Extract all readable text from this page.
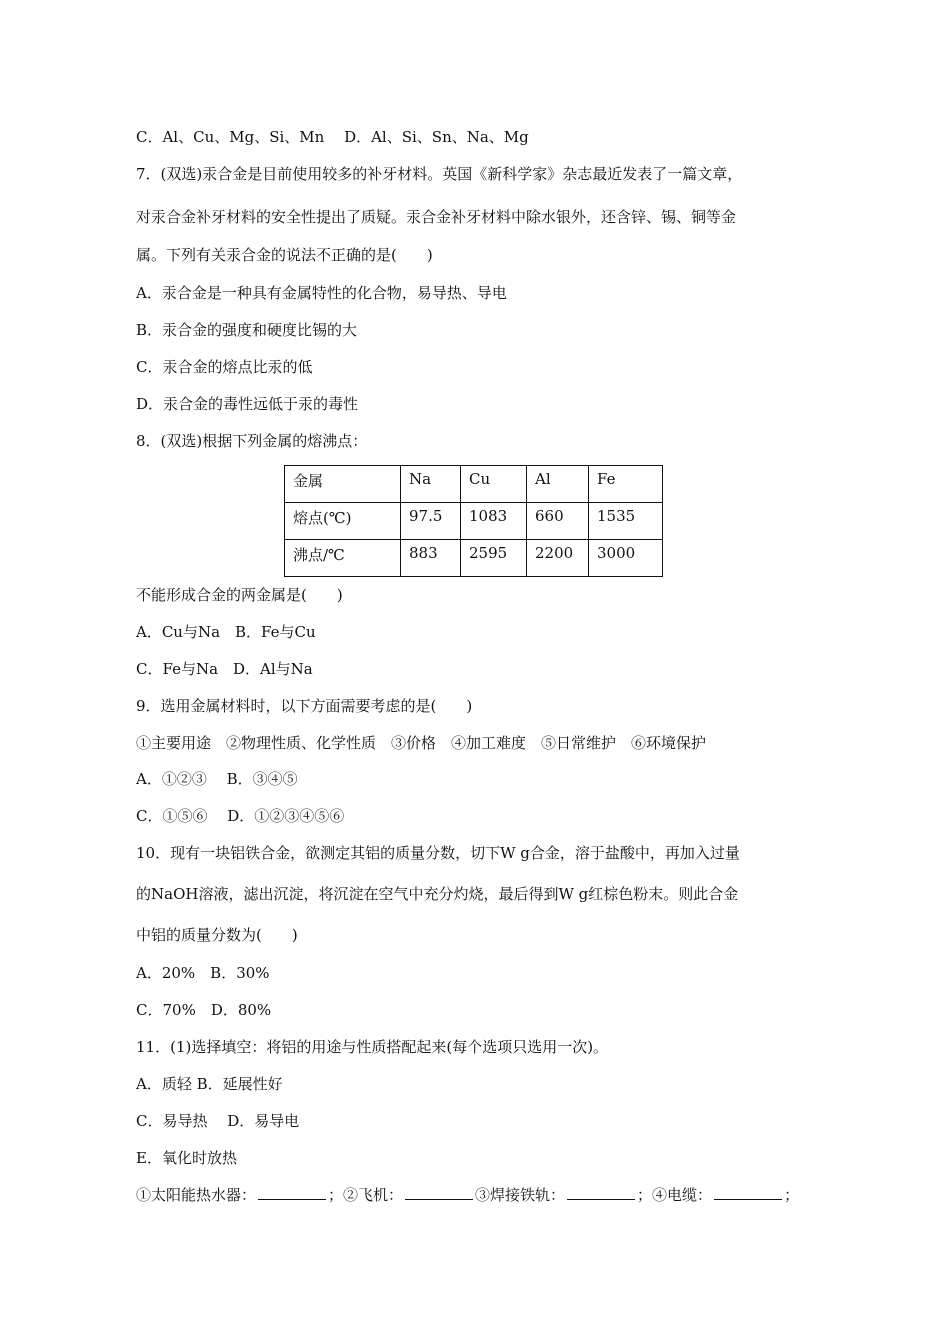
C．Al、Cu、Mg、Si、Mn　 D．Al、Si、Sn、Na、Mg
7．(双选)汞合金是目前使用较多的补牙材料。英国《新科学家》杂志最近发表了一篇文章，
对汞合金补牙材料的安全性提出了质疑。汞合金补牙材料中除水银外，还含锌、锡、铜等金
属。下列有关汞合金的说法不正确的是(　　)
A．汞合金是一种具有金属特性的化合物，易导热、导电
B．汞合金的强度和硬度比锡的大
C．汞合金的熔点比汞的低
D．汞合金的毒性远低于汞的毒性
8．(双选)根据下列金属的熔沸点：
金属	Na	Cu	Al	Fe
熔点(℃)	97.5	1083	660	1535
沸点/℃	883	2595	2200	3000
不能形成合金的两金属是(　　)
A．Cu与Na　B．Fe与Cu
C．Fe与Na　D．Al与Na
9．选用金属材料时，以下方面需要考虑的是(　　)
①主要用途　②物理性质、化学性质　③价格　④加工难度　⑤日常维护　⑥环境保护
A．①②③　 B．③④⑤
C．①⑤⑥　 D．①②③④⑤⑥
10．现有一块铝铁合金，欲测定其铝的质量分数，切下W g合金，溶于盐酸中，再加入过量
的NaOH溶液，滤出沉淀，将沉淀在空气中充分灼烧，最后得到W g红棕色粉末。则此合金
中铝的质量分数为(　　)
A．20%　B．30%
C．70%　D．80%
11．(1)选择填空：将铝的用途与性质搭配起来(每个选项只选用一次)。
A．质轻 B．延展性好
C．易导热　 D．易导电
E．氧化时放热
①太阳能热水器：	；②飞机：	③焊接铁轨：	；④电缆：	；
